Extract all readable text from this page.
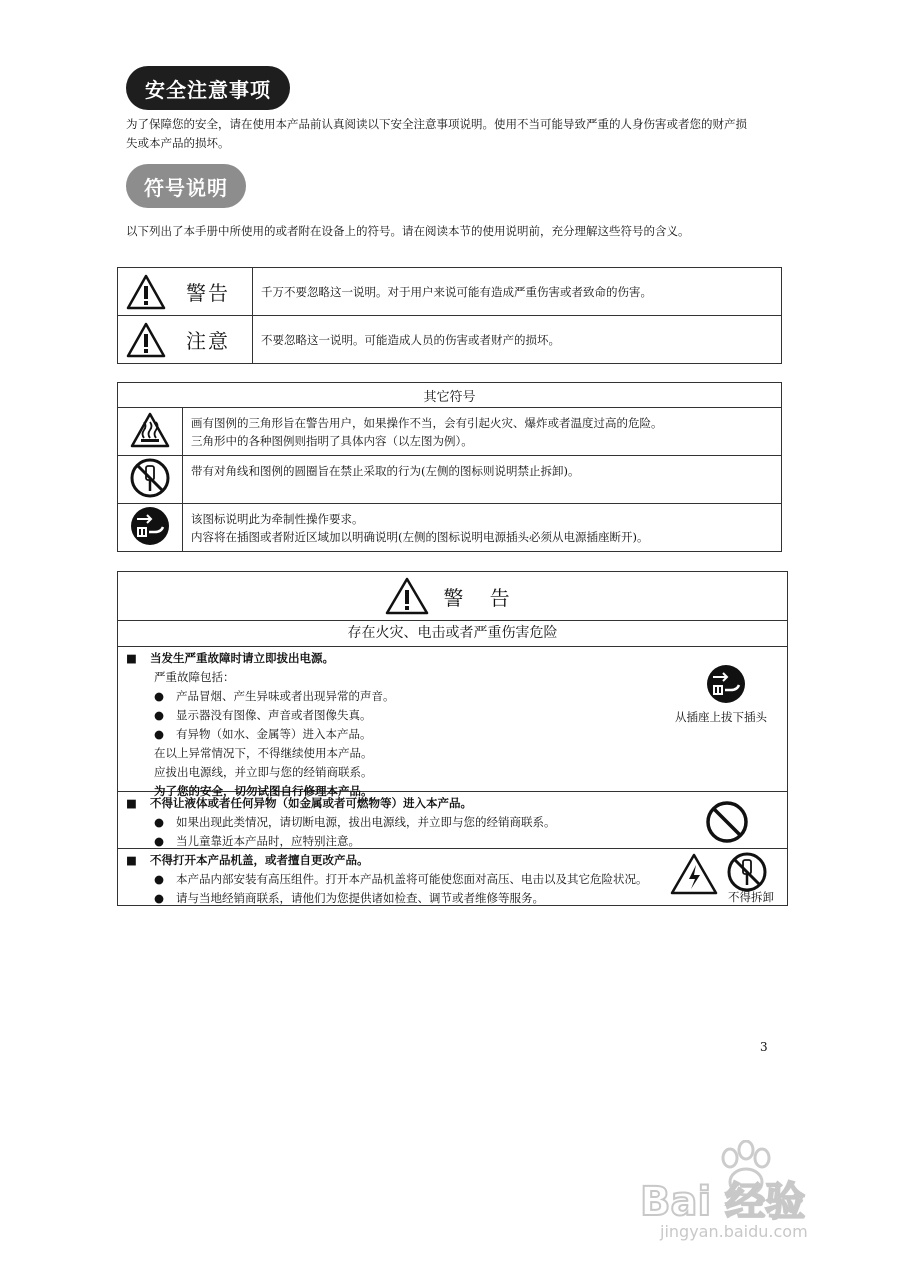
安全注意事项
为了保障您的安全，请在使用本产品前认真阅读以下安全注意事项说明。使用不当可能导致严重的人身伤害或者您的财产损
失或本产品的损坏。
符号说明
以下列出了本手册中所使用的或者附在设备上的符号。请在阅读本节的使用说明前，充分理解这些符号的含义。
警告	千万不要忽略这一说明。对于用户来说可能有造成严重伤害或者致命的伤害。

注意	不要忽略这一说明。可能造成人员的伤害或者财产的损坏。
其它符号	

画有图例的三角形旨在警告用户，如果操作不当，会有引起火灾、爆炸或者温度过高的危险。
三角形中的各种图例则指明了具体内容（以左图为例）。

带有对角线和图例的圆圈旨在禁止采取的行为(左侧的图标则说明禁止拆卸)。

该图标说明此为牵制性操作要求。
内容将在插图或者附近区域加以明确说明(左侧的图标说明电源插头必须从电源插座断开)。
警 告
存在火灾、电击或者严重伤害危险
■ 当发生严重故障时请立即拔出电源。
严重故障包括：
● 产品冒烟、产生异味或者出现异常的声音。
● 显示器没有图像、声音或者图像失真。
● 有异物（如水、金属等）进入本产品。
在以上异常情况下，不得继续使用本产品。
应拔出电源线，并立即与您的经销商联系。
为了您的安全，切勿试图自行修理本产品。
从插座上拔下插头
■ 不得让液体或者任何异物（如金属或者可燃物等）进入本产品。
● 如果出现此类情况，请切断电源，拔出电源线，并立即与您的经销商联系。
● 当儿童靠近本产品时，应特别注意。
■ 不得打开本产品机盖，或者擅自更改产品。
● 本产品内部安装有高压组件。打开本产品机盖将可能使您面对高压、电击以及其它危险状况。
● 请与当地经销商联系，请他们为您提供诸如检查、调节或者维修等服务。	不得拆卸
3
Bai 经验
jingyan.baidu.com
